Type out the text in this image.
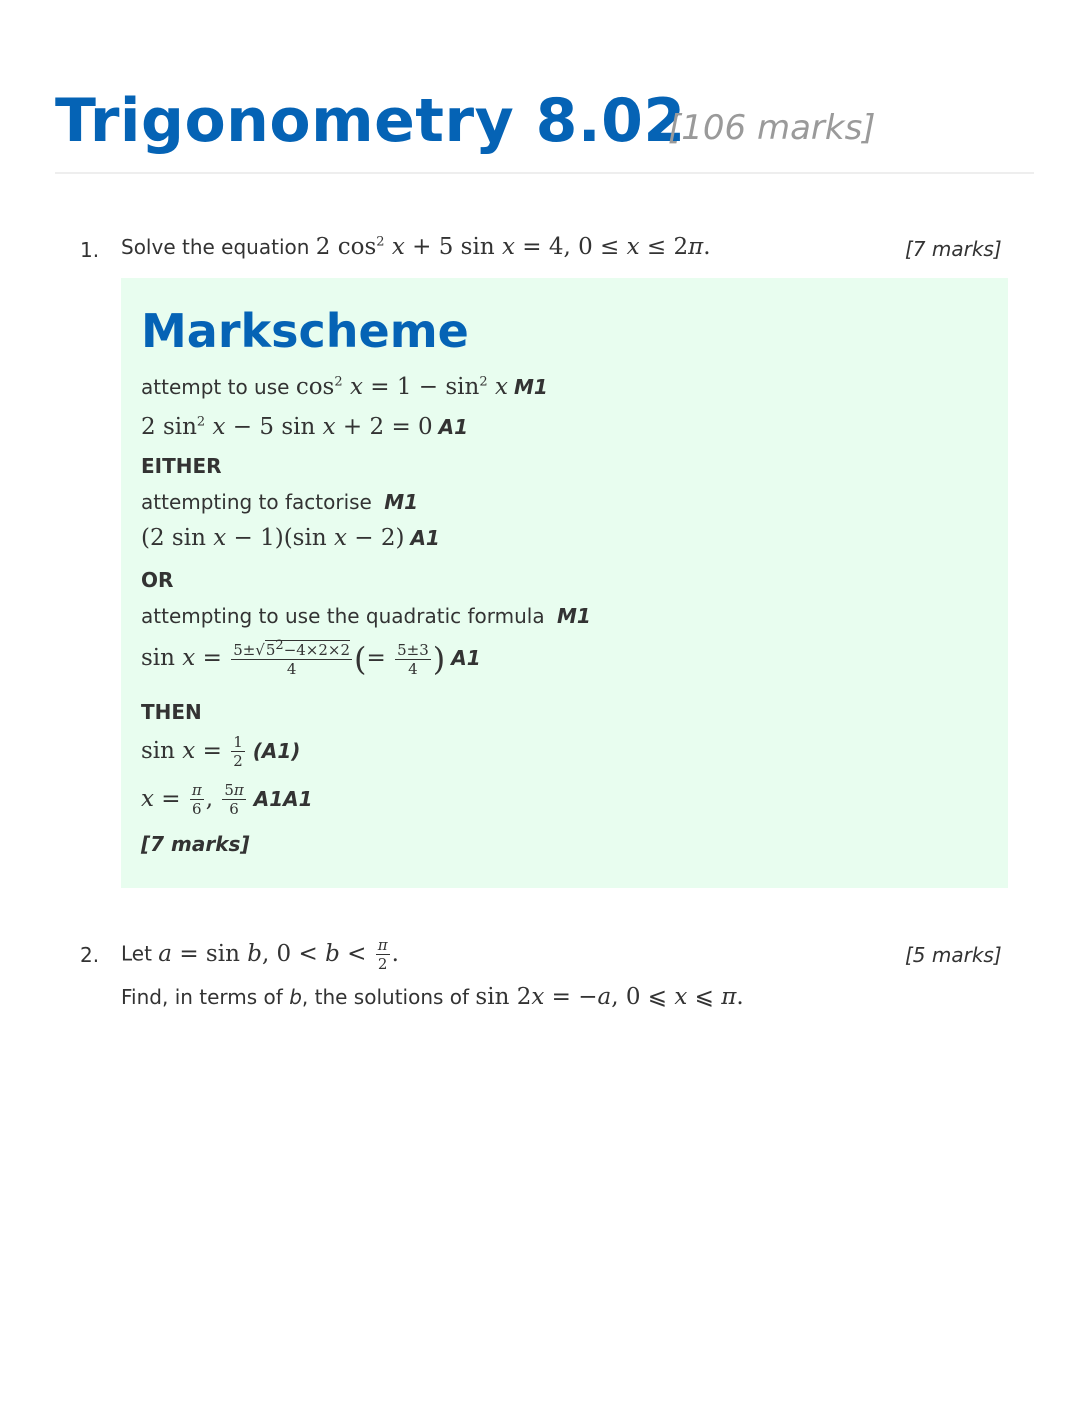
Trigonometry 8.02
[106 marks]
1. Solve the equation 2 $\cos^2 x + 5$ sin x = 4, 0 ≤ x ≤ 2π.	[7 marks]
Markscheme
attempt to use $\cos^2 x = 1 - \sin^2 x$ M1
2 $\sin^2 x - 5$ sin x + 2 = 0 A1
EITHER
attempting to factorise M1
(2 sin x − 1)(sin x − 2) A1
OR
attempting to use the quadratic formula M1
$\sin x = \frac{5\pm√5^2-4\times 2\times 2}{4}$ (= $\frac{5\pm 3}{4}$ ) A1
THEN
$\sin x = \frac{1}{2} (A1)$
$x = \frac{\pi}{6}$ , $\frac{5\pi}{6} A1A1$
[7 marks]
2. Let a = sin b, $0 < b < \frac{\pi}{2}$ .	[5 marks]
Find, in terms of b, the solutions of sin 2x = −a, 0 ⩽ x ⩽ π.
